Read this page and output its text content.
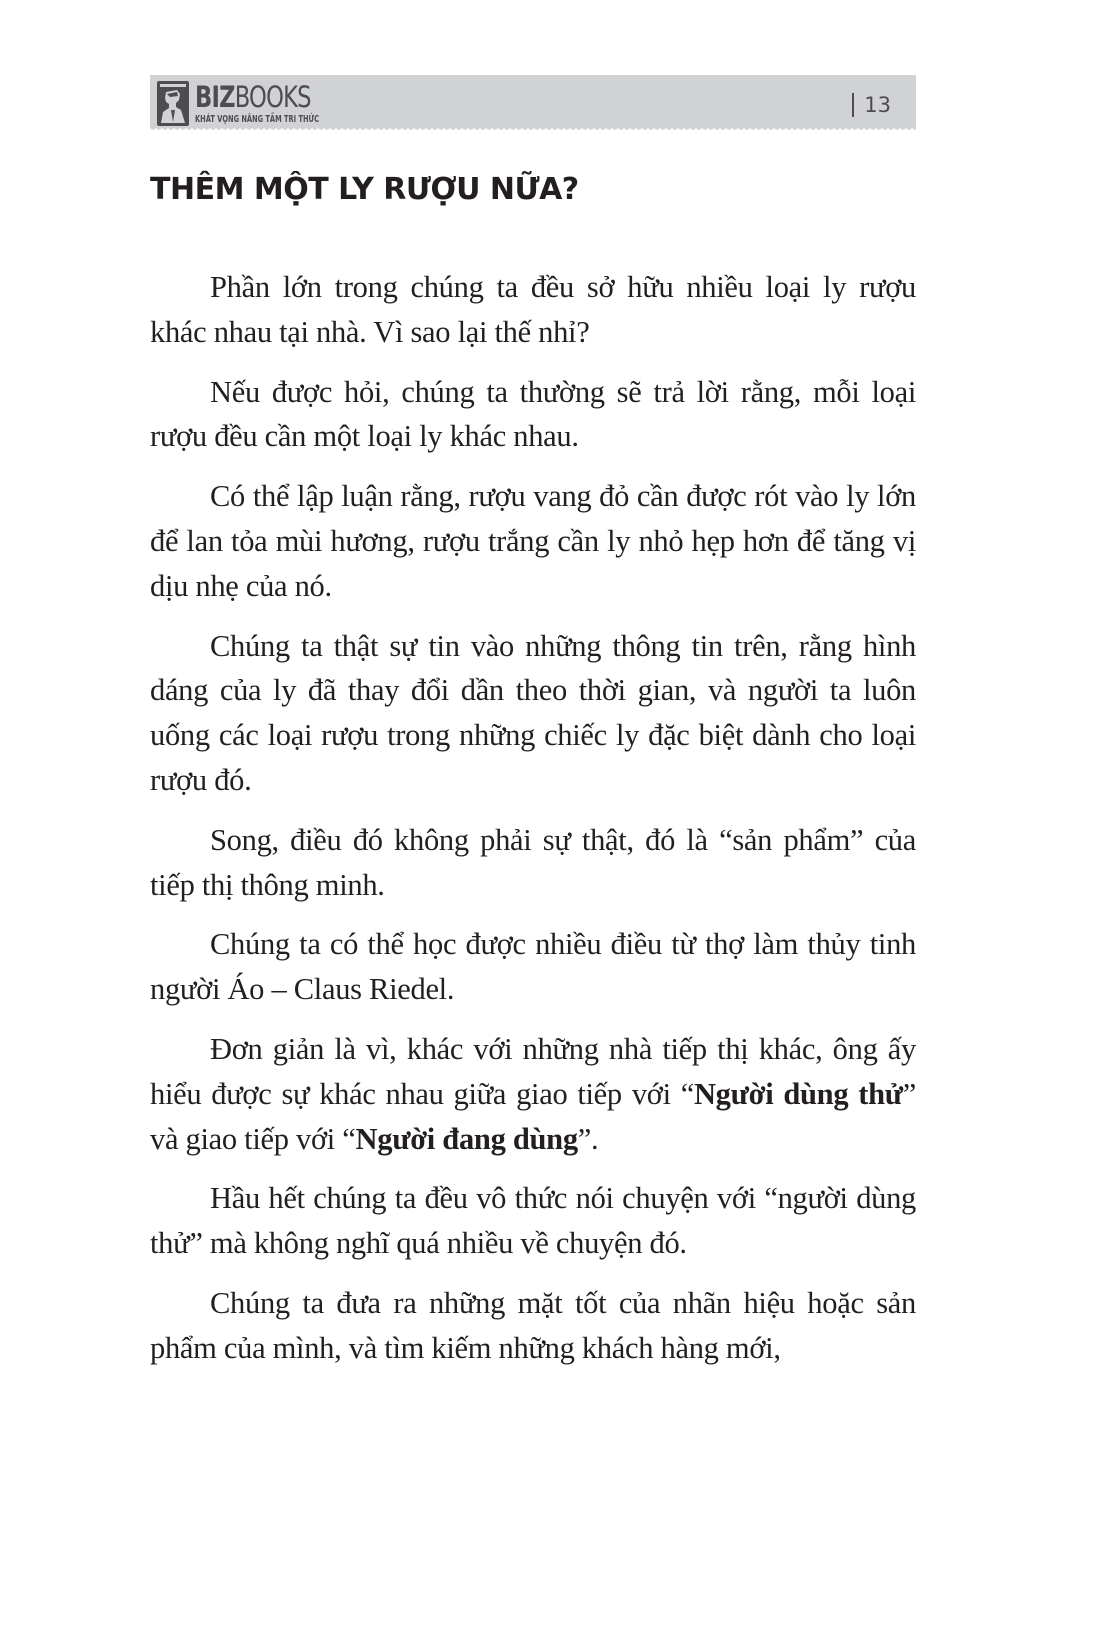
BIZBOOKS
KHÁT VỌNG NÂNG TẦM TRI THỨC
13
THÊM MỘT LY RƯỢU NỮA?

Phần lớn trong chúng ta đều sở hữu nhiều loại ly rượu khác nhau tại nhà. Vì sao lại thế nhỉ?

Nếu được hỏi, chúng ta thường sẽ trả lời rằng, mỗi loại rượu đều cần một loại ly khác nhau.

Có thể lập luận rằng, rượu vang đỏ cần được rót vào ly lớn để lan tỏa mùi hương, rượu trắng cần ly nhỏ hẹp hơn để tăng vị dịu nhẹ của nó.

Chúng ta thật sự tin vào những thông tin trên, rằng hình dáng của ly đã thay đổi dần theo thời gian, và người ta luôn uống các loại rượu trong những chiếc ly đặc biệt dành cho loại rượu đó.

Song, điều đó không phải sự thật, đó là “sản phẩm” của tiếp thị thông minh.

Chúng ta có thể học được nhiều điều từ thợ làm thủy tinh người Áo – Claus Riedel.

Đơn giản là vì, khác với những nhà tiếp thị khác, ông ấy hiểu được sự khác nhau giữa giao tiếp với “Người dùng thử” và giao tiếp với “Người đang dùng”.

Hầu hết chúng ta đều vô thức nói chuyện với “người dùng thử” mà không nghĩ quá nhiều về chuyện đó.

Chúng ta đưa ra những mặt tốt của nhãn hiệu hoặc sản phẩm của mình, và tìm kiếm những khách hàng mới,
